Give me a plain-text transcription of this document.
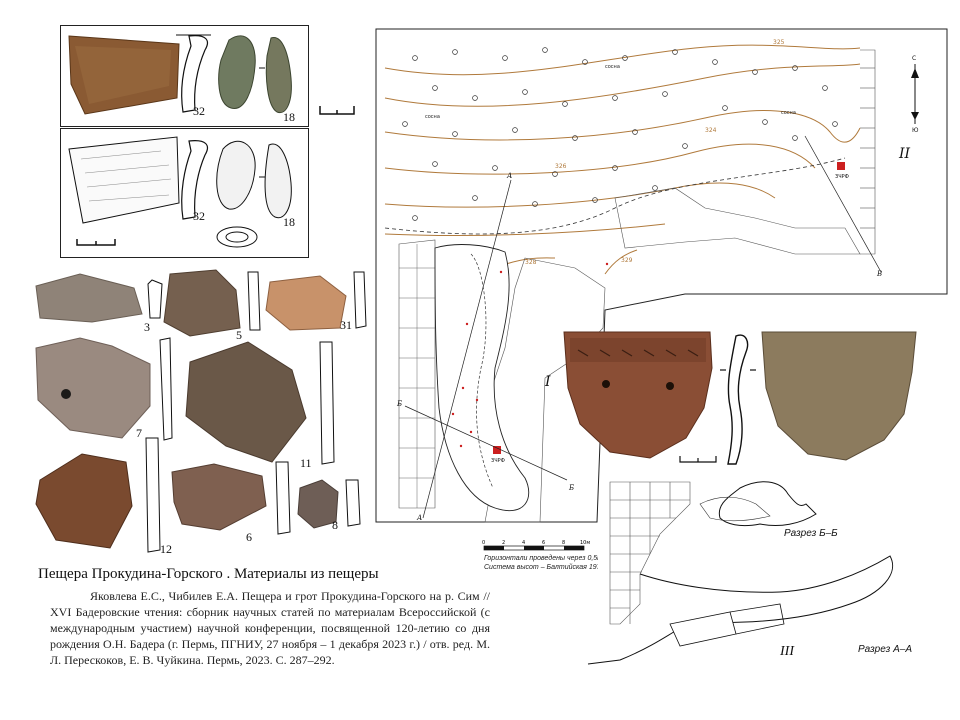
32	18
32	18
3
5
31
7
11
12
6
8
325
324
326
328	329
сосна
сосна
сосна
ЗЧРФ
ЗЧРФ
А
А
Б
Б
В
С
Ю
II
I
0	2	4	6	8	10м
Горизонтали проведены через 0,5м
Система высот – Балтийская 1977г.
Разрез Б–Б
Разрез А–А
III
Пещера Прокудина-Горского . Материалы из пещеры
Яковлева Е.С., Чибилев Е.А. Пещера и грот Прокудина-Горского на р. Сим // XVI Бадеровские чтения: сборник научных статей по материалам Всероссийской (с международным участием) научной конференции, посвященной 120-летию со дня рождения О.Н. Бадера (г. Пермь, ПГНИУ, 27 ноября – 1 декабря 2023 г.) / отв. ред. М. Л. Перескоков, Е. В. Чуйкина. Пермь, 2023. С. 287–292.
